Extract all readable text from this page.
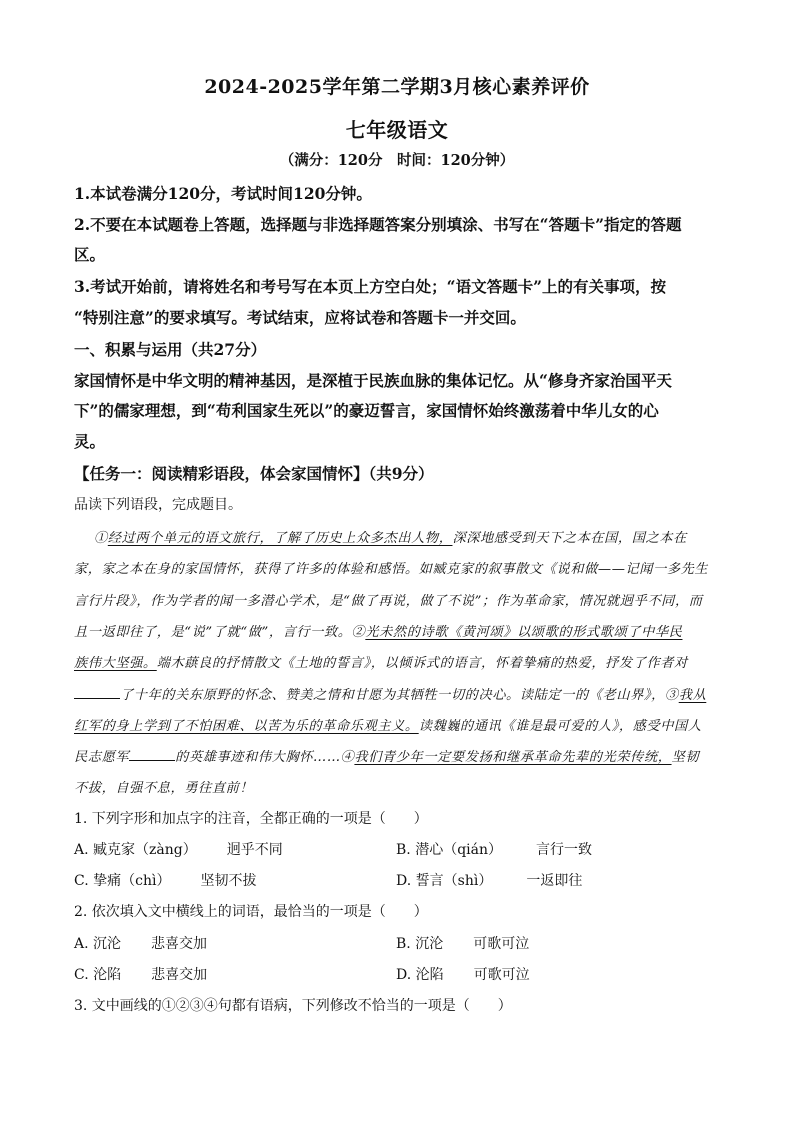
2024-2025学年第二学期3月核心素养评价
七年级语文
（满分：120分　时间：120分钟）
1.本试卷满分120分，考试时间120分钟。
2.不要在本试题卷上答题，选择题与非选择题答案分别填涂、书写在“答题卡”指定的答题
区。
3.考试开始前，请将姓名和考号写在本页上方空白处；“语文答题卡”上的有关事项，按
“特别注意”的要求填写。考试结束，应将试卷和答题卡一并交回。
一、积累与运用（共27分）
家国情怀是中华文明的精神基因，是深植于民族血脉的集体记忆。从“修身齐家治国平天
下”的儒家理想，到“苟利国家生死以”的豪迈誓言，家国情怀始终激荡着中华儿女的心
灵。
【任务一：阅读精彩语段，体会家国情怀】（共9分）
品读下列语段，完成题目。
①经过两个单元的语文旅行，了解了历史上众多杰出人物，深深地感受到天下之本在国，国之本在
家，家之本在身的家国情怀，获得了许多的体验和感悟。如臧克家的叙事散文《说和做——记闻一多先生
言行片段》，作为学者的闻一多潜心学术，是“做了再说，做了不说”；作为革命家，情况就迥乎不同，而
且一返即往了，是“说”了就“做”，言行一致。②光未然的诗歌《黄河颂》以颂歌的形式歌颂了中华民
族伟大坚强。端木蕻良的抒情散文《土地的誓言》，以倾诉式的语言，怀着挚痛的热爱，抒发了作者对
了十年的关东原野的怀念、赞美之情和甘愿为其牺牲一切的决心。读陆定一的《老山界》，③我从
红军的身上学到了不怕困难、以苦为乐的革命乐观主义。读魏巍的通讯《谁是最可爱的人》，感受中国人
民志愿军	的英雄事迹和伟大胸怀……④我们青少年一定要发扬和继承革命先辈的光荣传统，坚韧
不拔，自强不息，勇往直前！
1. 下列字形和加点字的注音，全都正确的一项是（　　）
A. 臧克家（zàng） 迥乎不同	B. 潜心（qián） 言行一致
C. 挚痛（chì） 坚韧不拔	D. 誓言（shì） 一返即往
2. 依次填入文中横线上的词语，最恰当的一项是（　　）
A. 沉沦 悲喜交加	B. 沉沦 可歌可泣
C. 沦陷 悲喜交加	D. 沦陷 可歌可泣
3. 文中画线的①②③④句都有语病，下列修改不恰当的一项是（　　）
